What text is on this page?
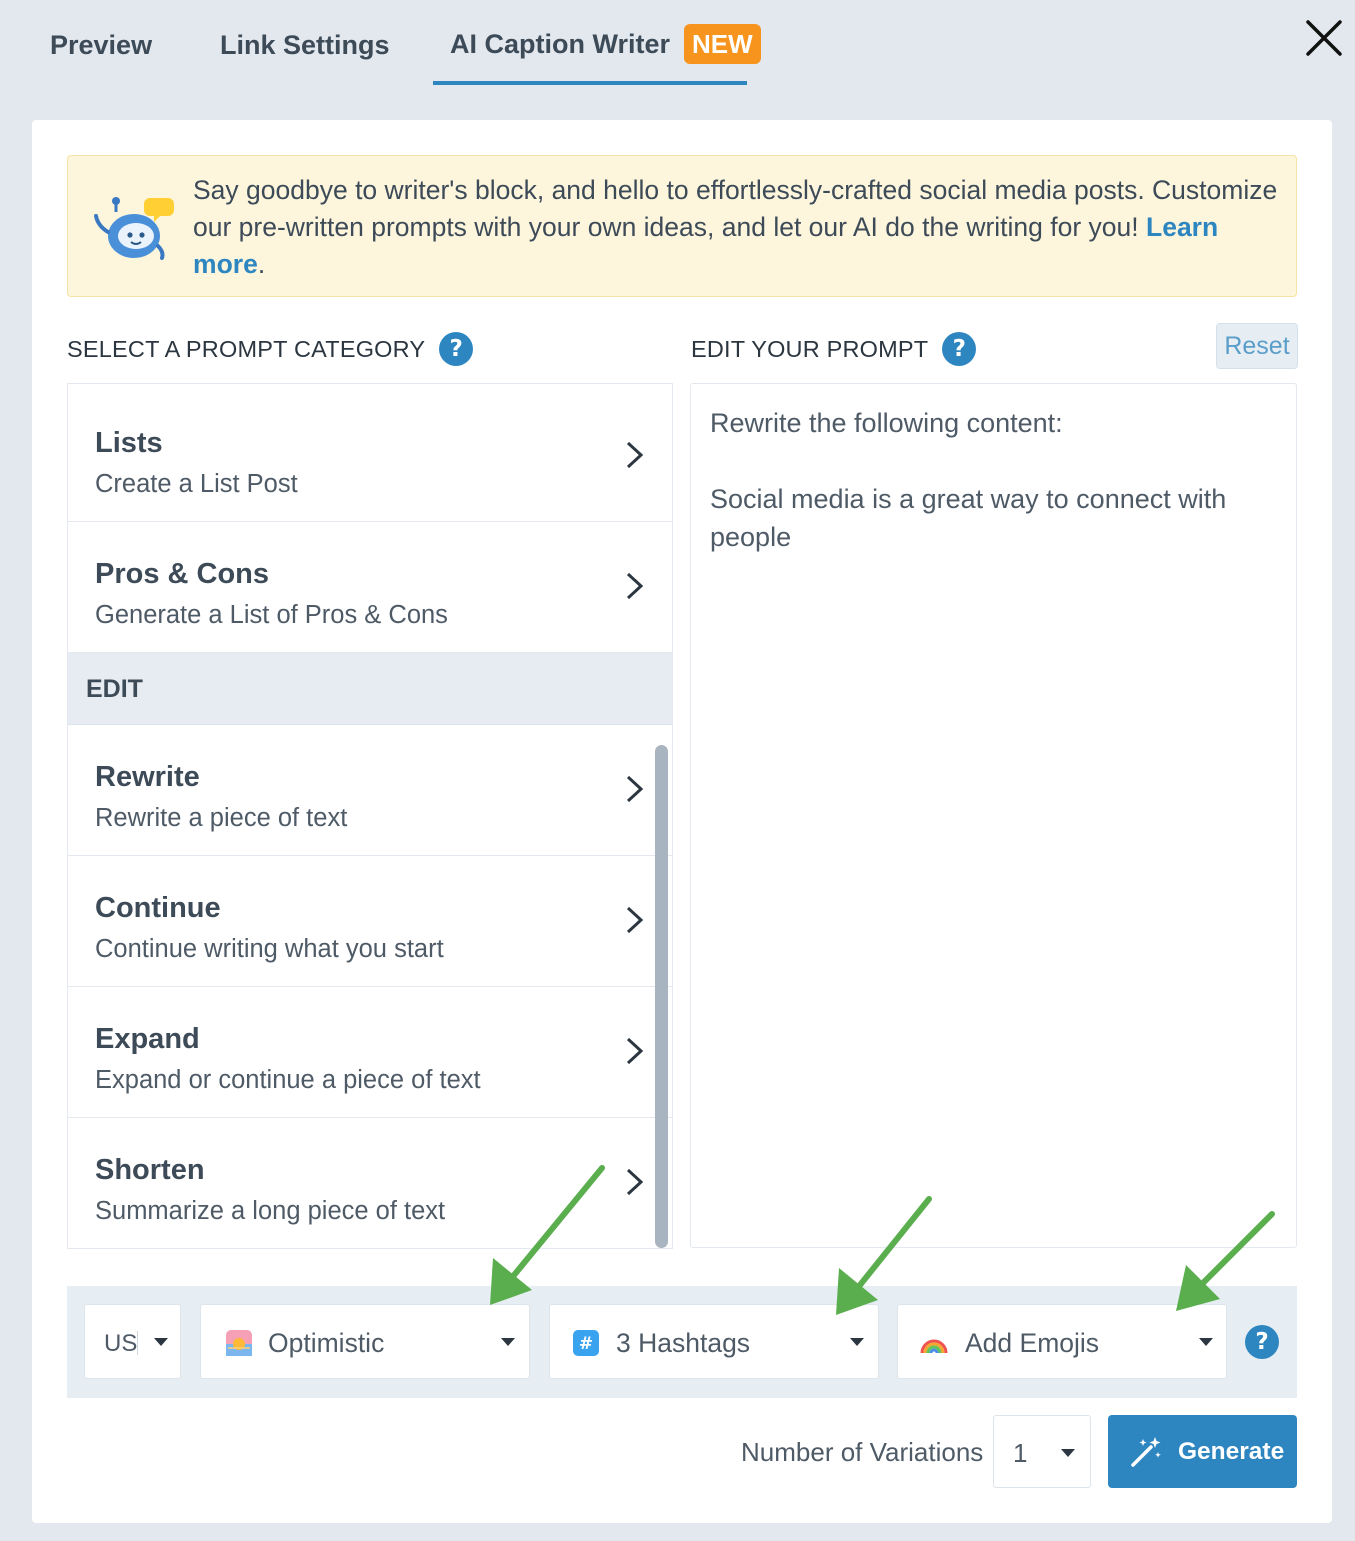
Preview	Link Settings AI Caption Writer NEW
Say goodbye to writer's block, and hello to effortlessly-crafted social media posts. Customize our pre-written prompts with your own ideas, and let our AI do the writing for you! Learn more.
SELECT A PROMPT CATEGORY	?	EDIT YOUR PROMPT	?	Reset
Lists
Create a List Post
Pros & Cons
Generate a List of Pros & Cons
EDIT
Rewrite
Rewrite a piece of text
Continue
Continue writing what you start
Expand
Expand or continue a piece of text
Shorten
Summarize a long piece of text
Rewrite the following content:

Social media is a great way to connect with people
US	Optimistic	# 3 Hashtags	Add Emojis	?
Number of Variations 1	Generate
